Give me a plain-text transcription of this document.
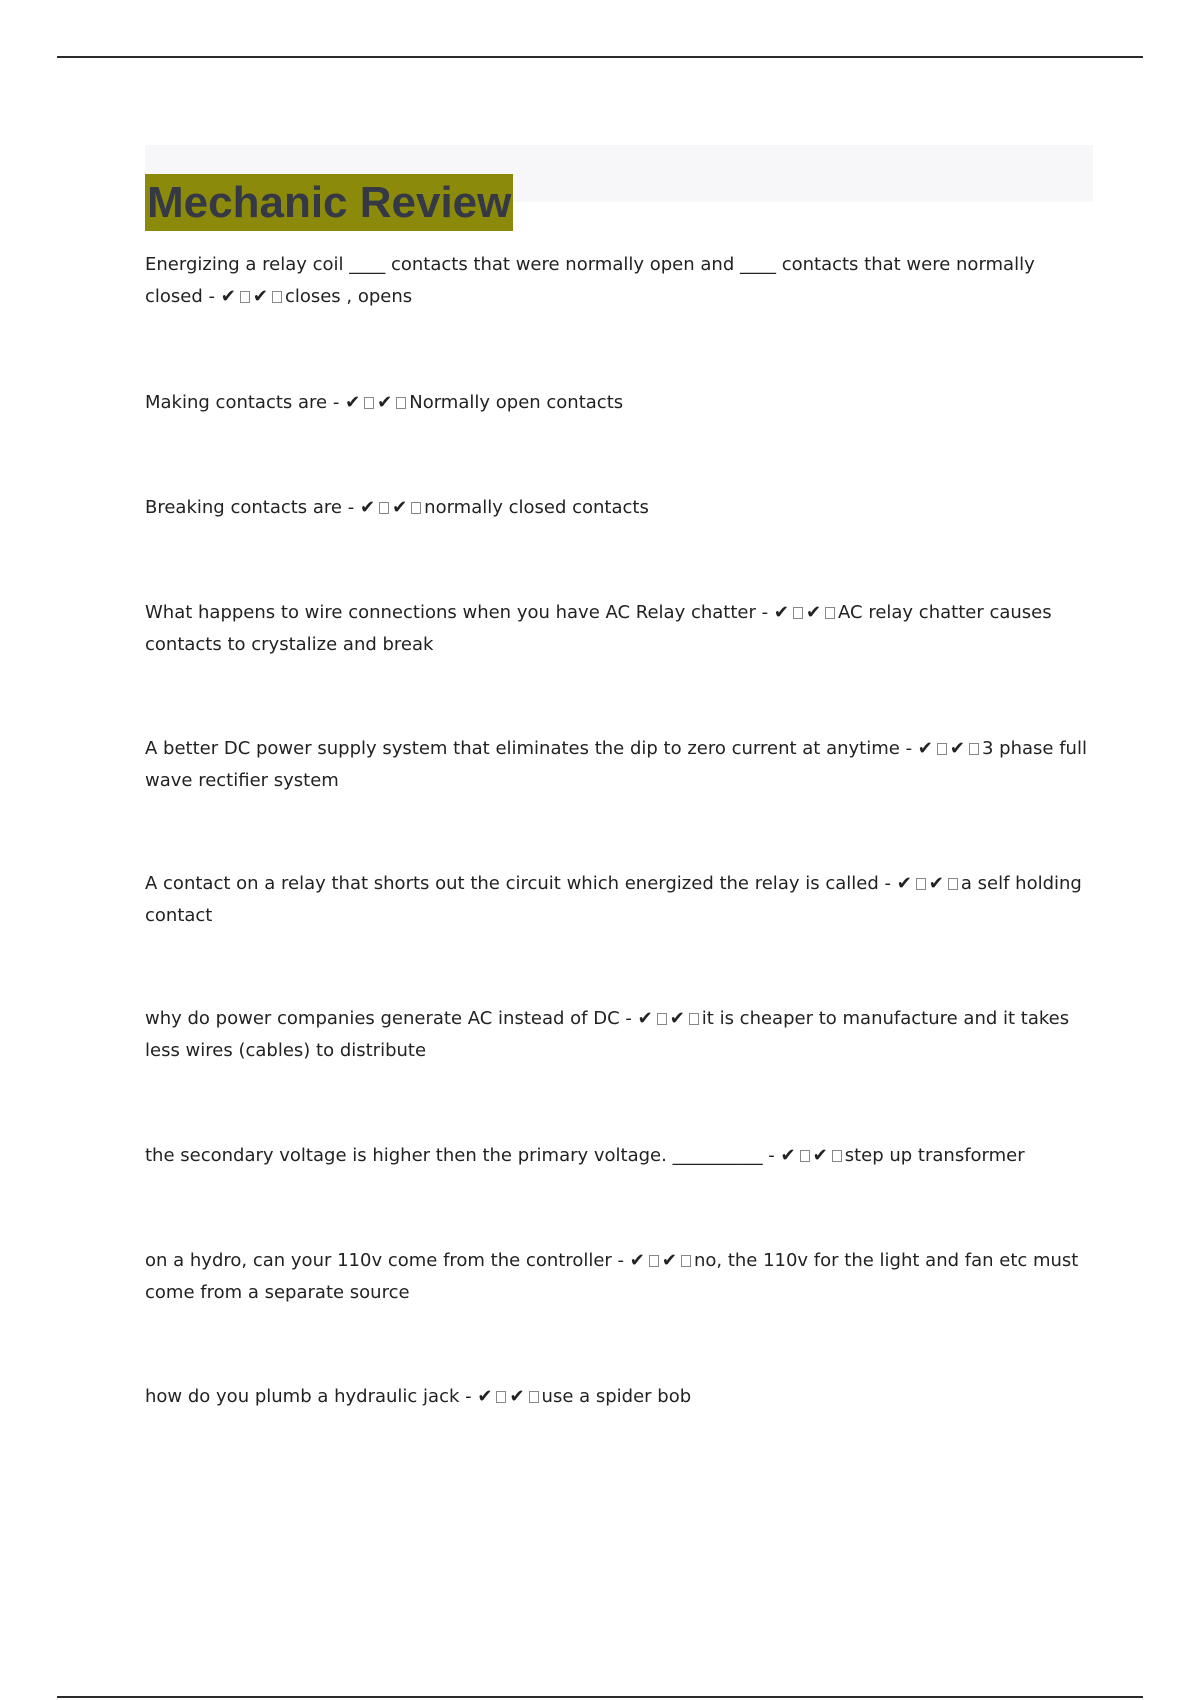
Mechanic Review

Energizing a relay coil ____ contacts that were normally open and ____ contacts that were normally closed - ✔ ✔ closes , opens

Making contacts are - ✔ ✔ Normally open contacts

Breaking contacts are - ✔ ✔ normally closed contacts

What happens to wire connections when you have AC Relay chatter - ✔ ✔ AC relay chatter causes contacts to crystalize and break

A better DC power supply system that eliminates the dip to zero current at anytime - ✔ ✔ 3 phase full wave rectifier system

A contact on a relay that shorts out the circuit which energized the relay is called - ✔ ✔ a self holding contact

why do power companies generate AC instead of DC - ✔ ✔ it is cheaper to manufacture and it takes less wires (cables) to distribute

the secondary voltage is higher then the primary voltage. __________ - ✔ ✔ step up transformer

on a hydro, can your 110v come from the controller - ✔ ✔ no, the 110v for the light and fan etc must come from a separate source

how do you plumb a hydraulic jack - ✔ ✔ use a spider bob
